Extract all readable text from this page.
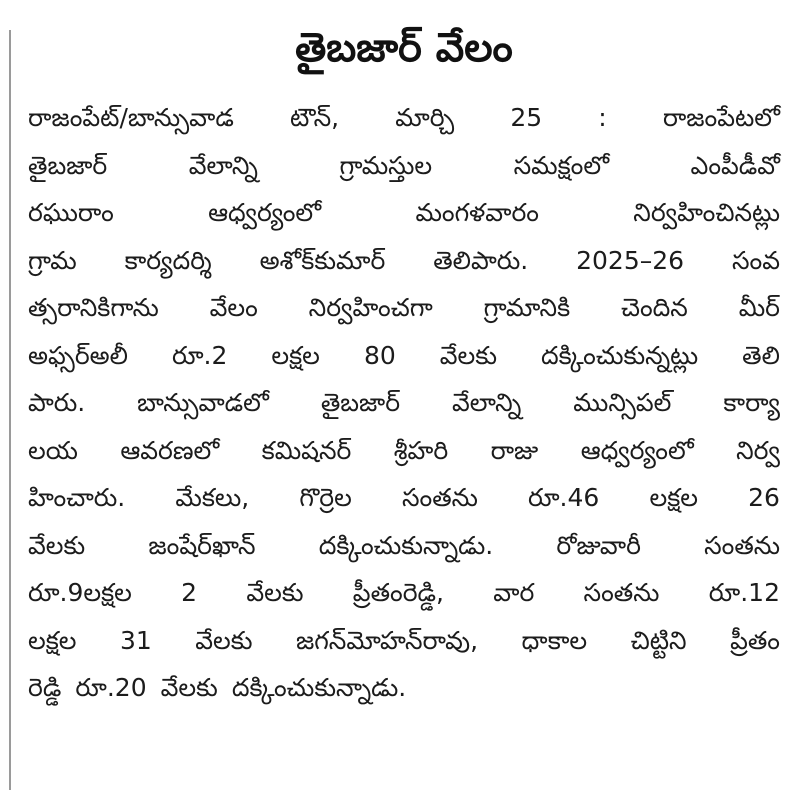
తైబజార్ వేలం
రాజంపేట్/బాన్సువాడ టౌన్, మార్చి 25 : రాజంపేటలో
తైబజార్	వేలాన్ని	గ్రామస్తుల	సమక్షంలో	ఎంపీడీవో
రఘురాం	ఆధ్వర్యంలో	మంగళవారం	నిర్వహించినట్లు
గ్రామ కార్యదర్శి అశోక్‌కుమార్ తెలిపారు. 2025–26 సంవ
త్సరానికిగాను వేలం నిర్వహించగా గ్రామానికి చెందిన మీర్
అఫ్సర్‌అలీ రూ.2 లక్షల 80 వేలకు దక్కించుకున్నట్లు తెలి
పారు. బాన్సువాడలో తైబజార్ వేలాన్ని మున్సిపల్ కార్యా
లయ ఆవరణలో కమిషనర్ శ్రీహరి రాజు ఆధ్వర్యంలో నిర్వ
హించారు. మేకలు, గొర్రెల సంతను రూ.46 లక్షల 26
వేలకు	జంషేర్‌ఖాన్	దక్కించుకున్నాడు.	రోజువారీ	సంతను
రూ.9లక్షల 2 వేలకు ప్రీతంరెడ్డి, వార సంతను రూ.12
లక్షల 31 వేలకు జగన్‌మోహన్‌రావు, ధాకాల చిట్టిని ప్రీతం
రెడ్డి రూ.20 వేలకు దక్కించుకున్నాడు.
